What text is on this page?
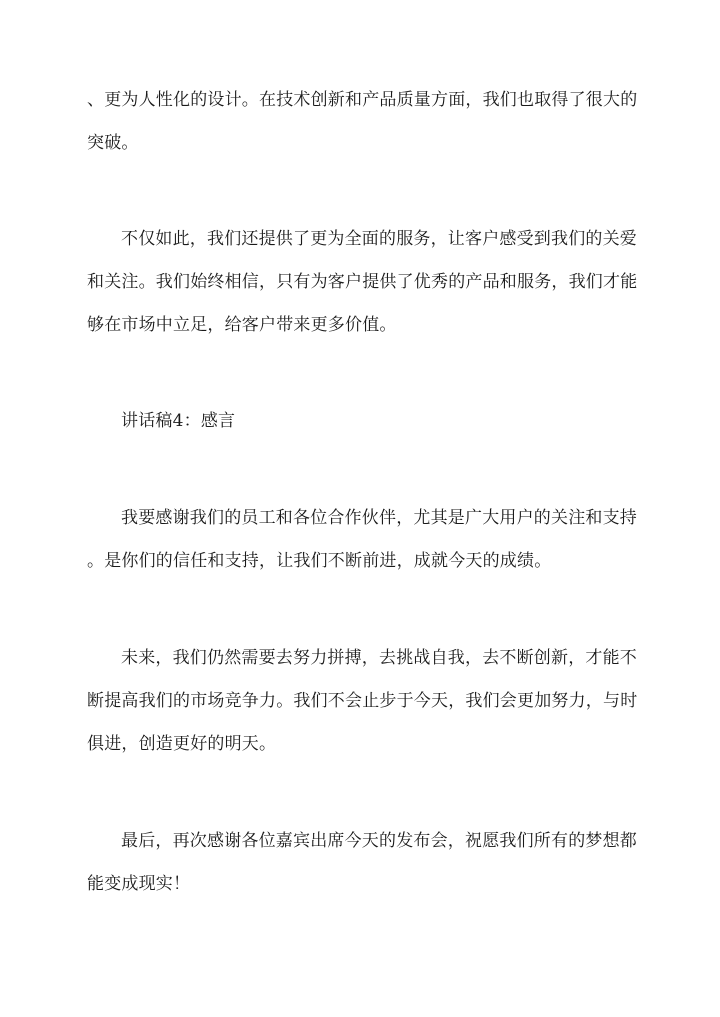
、更为人性化的设计。在技术创新和产品质量方面，我们也取得了很大的
突破。
不仅如此，我们还提供了更为全面的服务，让客户感受到我们的关爱
和关注。我们始终相信，只有为客户提供了优秀的产品和服务，我们才能
够在市场中立足，给客户带来更多价值。
讲话稿4：感言
我要感谢我们的员工和各位合作伙伴，尤其是广大用户的关注和支持
。是你们的信任和支持，让我们不断前进，成就今天的成绩。
未来，我们仍然需要去努力拼搏，去挑战自我，去不断创新，才能不
断提高我们的市场竞争力。我们不会止步于今天，我们会更加努力，与时
俱进，创造更好的明天。
最后，再次感谢各位嘉宾出席今天的发布会，祝愿我们所有的梦想都
能变成现实！
